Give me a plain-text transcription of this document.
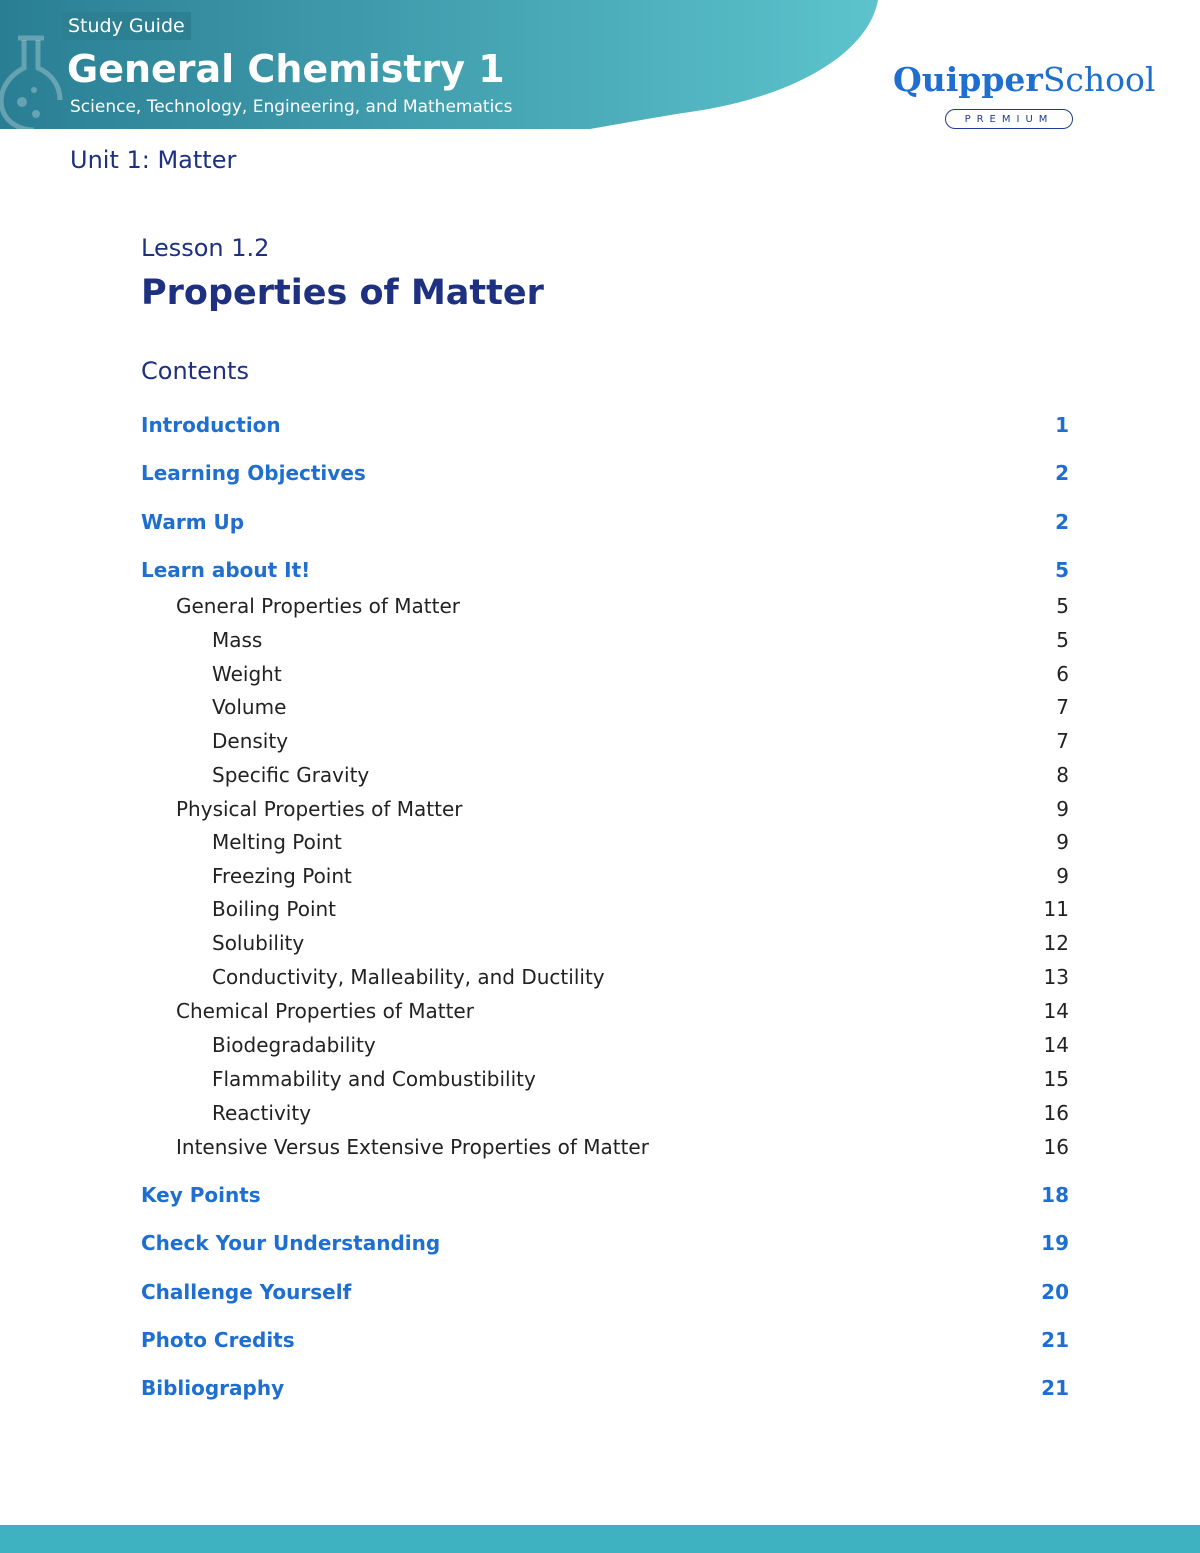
Study Guide
General Chemistry 1
Science, Technology, Engineering, and Mathematics
QuipperSchool
PREMIUM
Unit 1: Matter
Lesson 1.2
Properties of Matter
Contents
Introduction	1
Learning Objectives	2
Warm Up	2
Learn about It!	5
General Properties of Matter	5
Mass	5
Weight	6
Volume	7
Density	7
Specific Gravity	8
Physical Properties of Matter	9
Melting Point	9
Freezing Point	9
Boiling Point	11
Solubility	12
Conductivity, Malleability, and Ductility	13
Chemical Properties of Matter	14
Biodegradability	14
Flammability and Combustibility	15
Reactivity	16
Intensive Versus Extensive Properties of Matter	16
Key Points	18
Check Your Understanding	19
Challenge Yourself	20
Photo Credits	21
Bibliography	21
